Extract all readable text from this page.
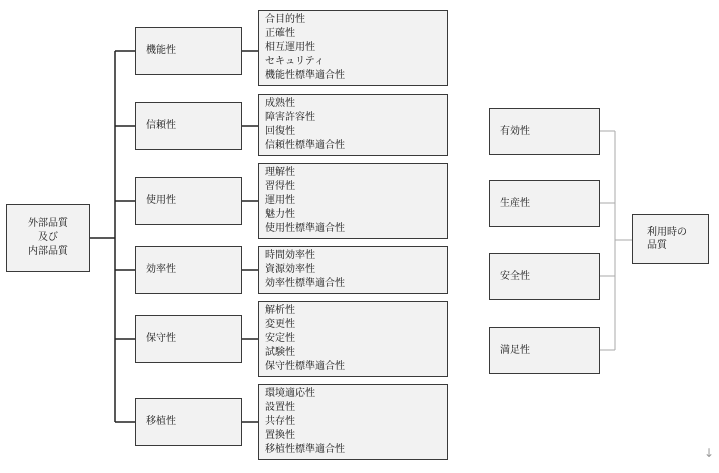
外部品質
及び
内部品質
機能性
信頼性
使用性
効率性
保守性
移植性
合目的性
正確性
相互運用性
セキュリティ
機能性標準適合性
成熟性
障害許容性
回復性
信頼性標準適合性
理解性
習得性
運用性
魅力性
使用性標準適合性
時間効率性
資源効率性
効率性標準適合性
解析性
変更性
安定性
試験性
保守性標準適合性
環境適応性
設置性
共存性
置換性
移植性標準適合性
有効性
生産性
安全性
満足性
利用時の
品質
↓
